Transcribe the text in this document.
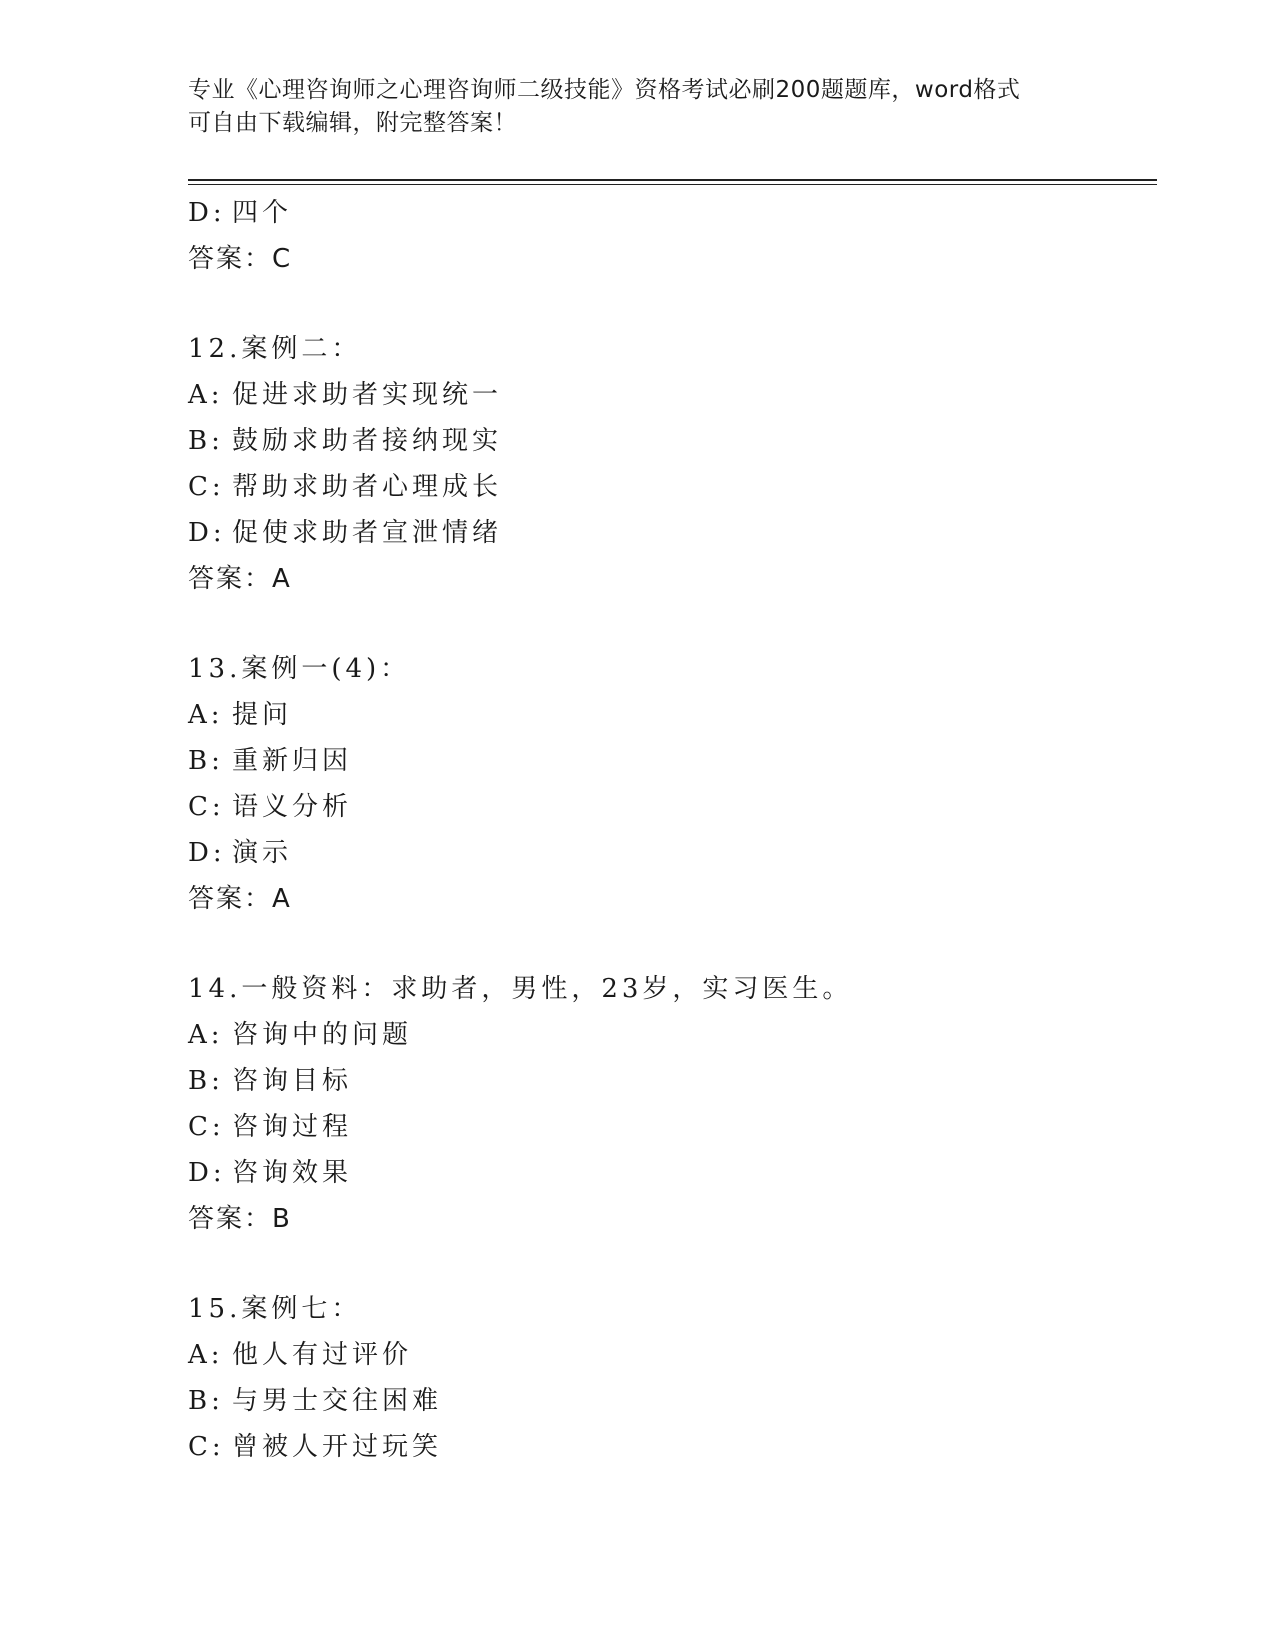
专业《心理咨询师之心理咨询师二级技能》资格考试必刷200题题库，word格式
可自由下载编辑，附完整答案！
D: 四个
答案：C
12.案例二：
A: 促进求助者实现统一
B: 鼓励求助者接纳现实
C: 帮助求助者心理成长
D: 促使求助者宣泄情绪
答案：A
13.案例一(4)：
A: 提问
B: 重新归因
C: 语义分析
D: 演示
答案：A
14.一般资料：求助者，男性，23岁，实习医生。
A: 咨询中的问题
B: 咨询目标
C: 咨询过程
D: 咨询效果
答案：B
15.案例七：
A: 他人有过评价
B: 与男士交往困难
C: 曾被人开过玩笑
